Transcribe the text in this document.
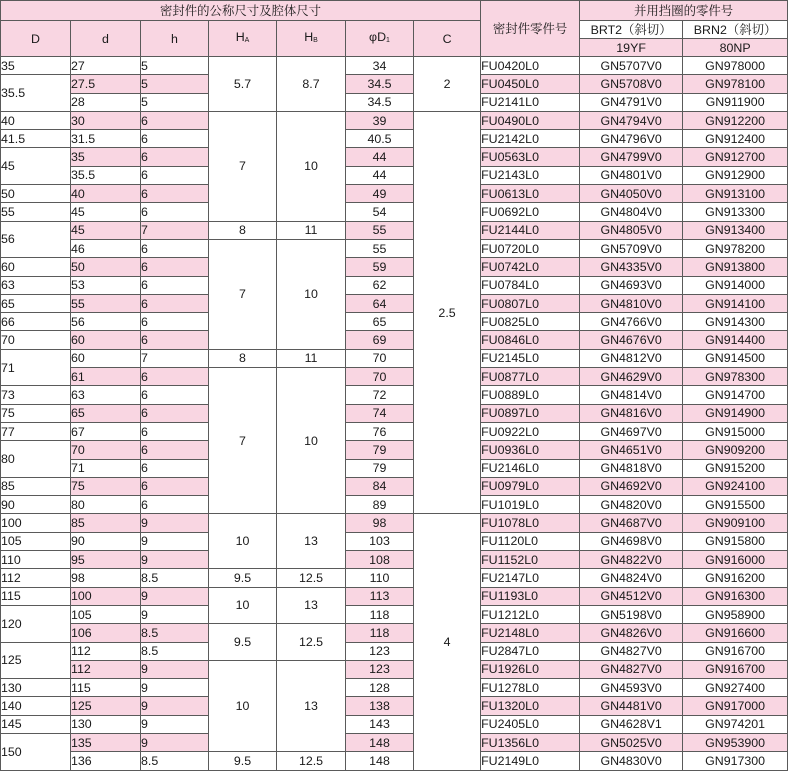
密封件的公称尺寸及腔体尺寸							密封件零件号	并用挡圈的零件号	
D	d	h	$H_A$	$H_B$	$\varphi D_1$	C		BRT2（斜切）	BRN2（斜切）
								19YF	80NP
35	27	5	5.7	8.7	34	2	FU0420L0	GN5707V0	GN978000
35.5	27.5	5			34.5		FU0450L0	GN5708V0	GN978100
	28	5			34.5		FU2141L0	GN4791V0	GN911900
40	30	6	7	10	39	2.5	FU0490L0	GN4794V0	GN912200
41.5	31.5	6			40.5		FU2142L0	GN4796V0	GN912400
45	35	6			44		FU0563L0	GN4799V0	GN912700
	35.5	6			44		FU2143L0	GN4801V0	GN912900
50	40	6			49		FU0613L0	GN4050V0	GN913100
55	45	6			54		FU0692L0	GN4804V0	GN913300
56	45	7	8	11	55		FU2144L0	GN4805V0	GN913400
	46	6	7	10	55		FU0720L0	GN5709V0	GN978200
60	50	6			59		FU0742L0	GN4335V0	GN913800
63	53	6			62		FU0784L0	GN4693V0	GN914000
65	55	6			64		FU0807L0	GN4810V0	GN914100
66	56	6			65		FU0825L0	GN4766V0	GN914300
70	60	6			69		FU0846L0	GN4676V0	GN914400
71	60	7	8	11	70		FU2145L0	GN4812V0	GN914500
	61	6	7	10	70		FU0877L0	GN4629V0	GN978300
73	63	6			72		FU0889L0	GN4814V0	GN914700
75	65	6			74		FU0897L0	GN4816V0	GN914900
77	67	6			76		FU0922L0	GN4697V0	GN915000
80	70	6			79		FU0936L0	GN4651V0	GN909200
	71	6			79		FU2146L0	GN4818V0	GN915200
85	75	6			84		FU0979L0	GN4692V0	GN924100
90	80	6			89		FU1019L0	GN4820V0	GN915500
100	85	9	10	13	98	4	FU1078L0	GN4687V0	GN909100
105	90	9			103		FU1120L0	GN4698V0	GN915800
110	95	9			108		FU1152L0	GN4822V0	GN916000
112	98	8.5	9.5	12.5	110		FU2147L0	GN4824V0	GN916200
115	100	9	10	13	113		FU1193L0	GN4512V0	GN916300
120	105	9			118		FU1212L0	GN5198V0	GN958900
	106	8.5	9.5	12.5	118		FU2148L0	GN4826V0	GN916600
125	112	8.5			123		FU2847L0	GN4827V0	GN916700
	112	9	10	13	123		FU1926L0	GN4827V0	GN916700
130	115	9			128		FU1278L0	GN4593V0	GN927400
140	125	9			138		FU1320L0	GN4481V0	GN917000
145	130	9			143		FU2405L0	GN4628V1	GN974201
150	135	9			148		FU1356L0	GN5025V0	GN953900
	136	8.5	9.5	12.5	148		FU2149L0	GN4830V0	GN917300
